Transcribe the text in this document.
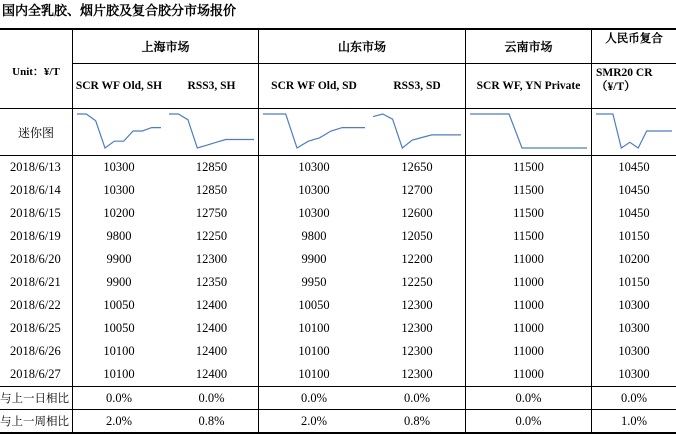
国内全乳胶、烟片胶及复合胶分市场报价
Unit：¥/T	上海市场		山东市场		云南市场	人民币复合
	SCR WF Old, SH	RSS3, SH	SCR WF Old, SD	RSS3, SD	SCR WF, YN Private	SMR20 CR（¥/T）
迷你图	

2018/6/13	10300	12850	10300	12650	11500	10450
2018/6/14	10300	12850	10300	12700	11500	10450
2018/6/15	10200	12750	10300	12600	11500	10450
2018/6/19	9800	12250	9800	12050	11500	10150
2018/6/20	9900	12300	9900	12200	11000	10200
2018/6/21	9900	12350	9950	12250	11000	10150
2018/6/22	10050	12400	10050	12300	11000	10300
2018/6/25	10050	12400	10100	12300	11000	10300
2018/6/26	10100	12400	10100	12300	11000	10300
2018/6/27	10100	12400	10100	12300	11000	10300
与上一日相比	0.0%	0.0%	0.0%	0.0%	0.0%	0.0%
与上一周相比	2.0%	0.8%	2.0%	0.8%	0.0%	1.0%
